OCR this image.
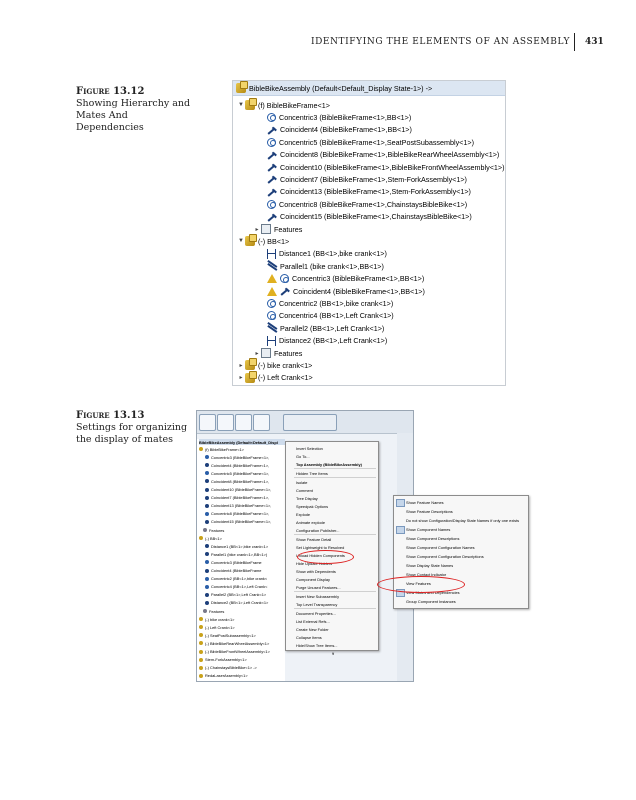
IDENTIFYING THE ELEMENTS OF AN ASSEMBLY 431
Figure 13.12
Showing Hierarchy and Mates And Dependencies
BibleBikeAssembly (Default<Default_Display State-1>) ->
▼ (f) BibleBikeFrame<1>
Concentric3 (BibleBikeFrame<1>,BB<1>)
Coincident4 (BibleBikeFrame<1>,BB<1>)
Concentric5 (BibleBikeFrame<1>,SeatPostSubassembly<1>)
Coincident8 (BibleBikeFrame<1>,BibleBikeRearWheelAssembly<1>)
Coincident10 (BibleBikeFrame<1>,BibleBikeFrontWheelAssembly<1>)
Coincident7 (BibleBikeFrame<1>,Stem-ForkAssembly<1>)
Coincident13 (BibleBikeFrame<1>,Stem-ForkAssembly<1>)
Concentric8 (BibleBikeFrame<1>,ChainstaysBibleBike<1>)
Coincident15 (BibleBikeFrame<1>,ChainstaysBibleBike<1>)
▸	Features
▼ (-) BB<1>
Distance1 (BB<1>,bike crank<1>)
Parallel1 (bike crank<1>,BB<1>)
Concentric3 (BibleBikeFrame<1>,BB<1>)
Coincident4 (BibleBikeFrame<1>,BB<1>)
Concentric2 (BB<1>,bike crank<1>)
Concentric4 (BB<1>,Left Crank<1>)
Parallel2 (BB<1>,Left Crank<1>)
Distance2 (BB<1>,Left Crank<1>)
▸	Features
▸	(-) bike crank<1>
▸	(-) Left Crank<1>
Figure 13.13
Settings for organizing the display of mates	BibleBikeAssembly (Default<Default_Displ
(f) BibleBikeFrame<1>
Concentric3 (BibleBikeFrame<1>,
Coincident4 (BibleBikeFrame<1>,
Concentric5 (BibleBikeFrame<1>,
Coincident8 (BibleBikeFrame<1>,
Coincident10 (BibleBikeFrame<1>,
Coincident7 (BibleBikeFrame<1>,
Coincident13 (BibleBikeFrame<1>,
Concentric8 (BibleBikeFrame<1>,
Coincident15 (BibleBikeFrame<1>,
Features
(-) BB<1>
Distance1 (BB<1>,bike crank<1>
Parallel1 (bike crank<1>,BB<1>)
Concentric3 (BibleBikeFrame
Coincident4 (BibleBikeFrame
Concentric2 (BB<1>,bike crank<
Concentric4 (BB<1>,Left Crank<
Parallel2 (BB<1>,Left Crank<1>
Distance2 (BB<1>,Left Crank<1>
Features
(-) bike crank<1>
(-) Left Crank<1>
(-) SeatPostSubassembly<1>
(-) BibleBikeRearWheelAssembly<1>
(-) BibleBikeFrontWheelAssembly<1>
Stem-ForkAssembly<1>
(-) ChainstaysBibleBike<1> ->
RedaLaserAssembly<1>
Invert Selection
Go To...
Top Assembly (BibleBikeAssembly)
Hidden Tree Items
Isolate
Comment
Tree Display
Speedpak Options
Explode
Animate explode
Configuration Publisher...
Show Feature Detail
Set Lightweight to Resolved
Unload Hidden Components
Hide Update Holders
Show with Dependents
Component Display
Purge Unused Features...
Insert New Subassembly
Top Level Transparency
Document Properties...
List External Refs...
Create New Folder
Collapse Items
Hide/Show Tree Items...
¥
Show Feature Names
Show Feature Descriptions
Do not show Configuration/Display State Names if only one exists
Show Component Names
Show Component Descriptions
Show Component Configuration Names
Show Component Configuration Descriptions
Show Display State Names
Show Contact Indicator
View Features
View Mates and Dependencies
Group Component Instances
